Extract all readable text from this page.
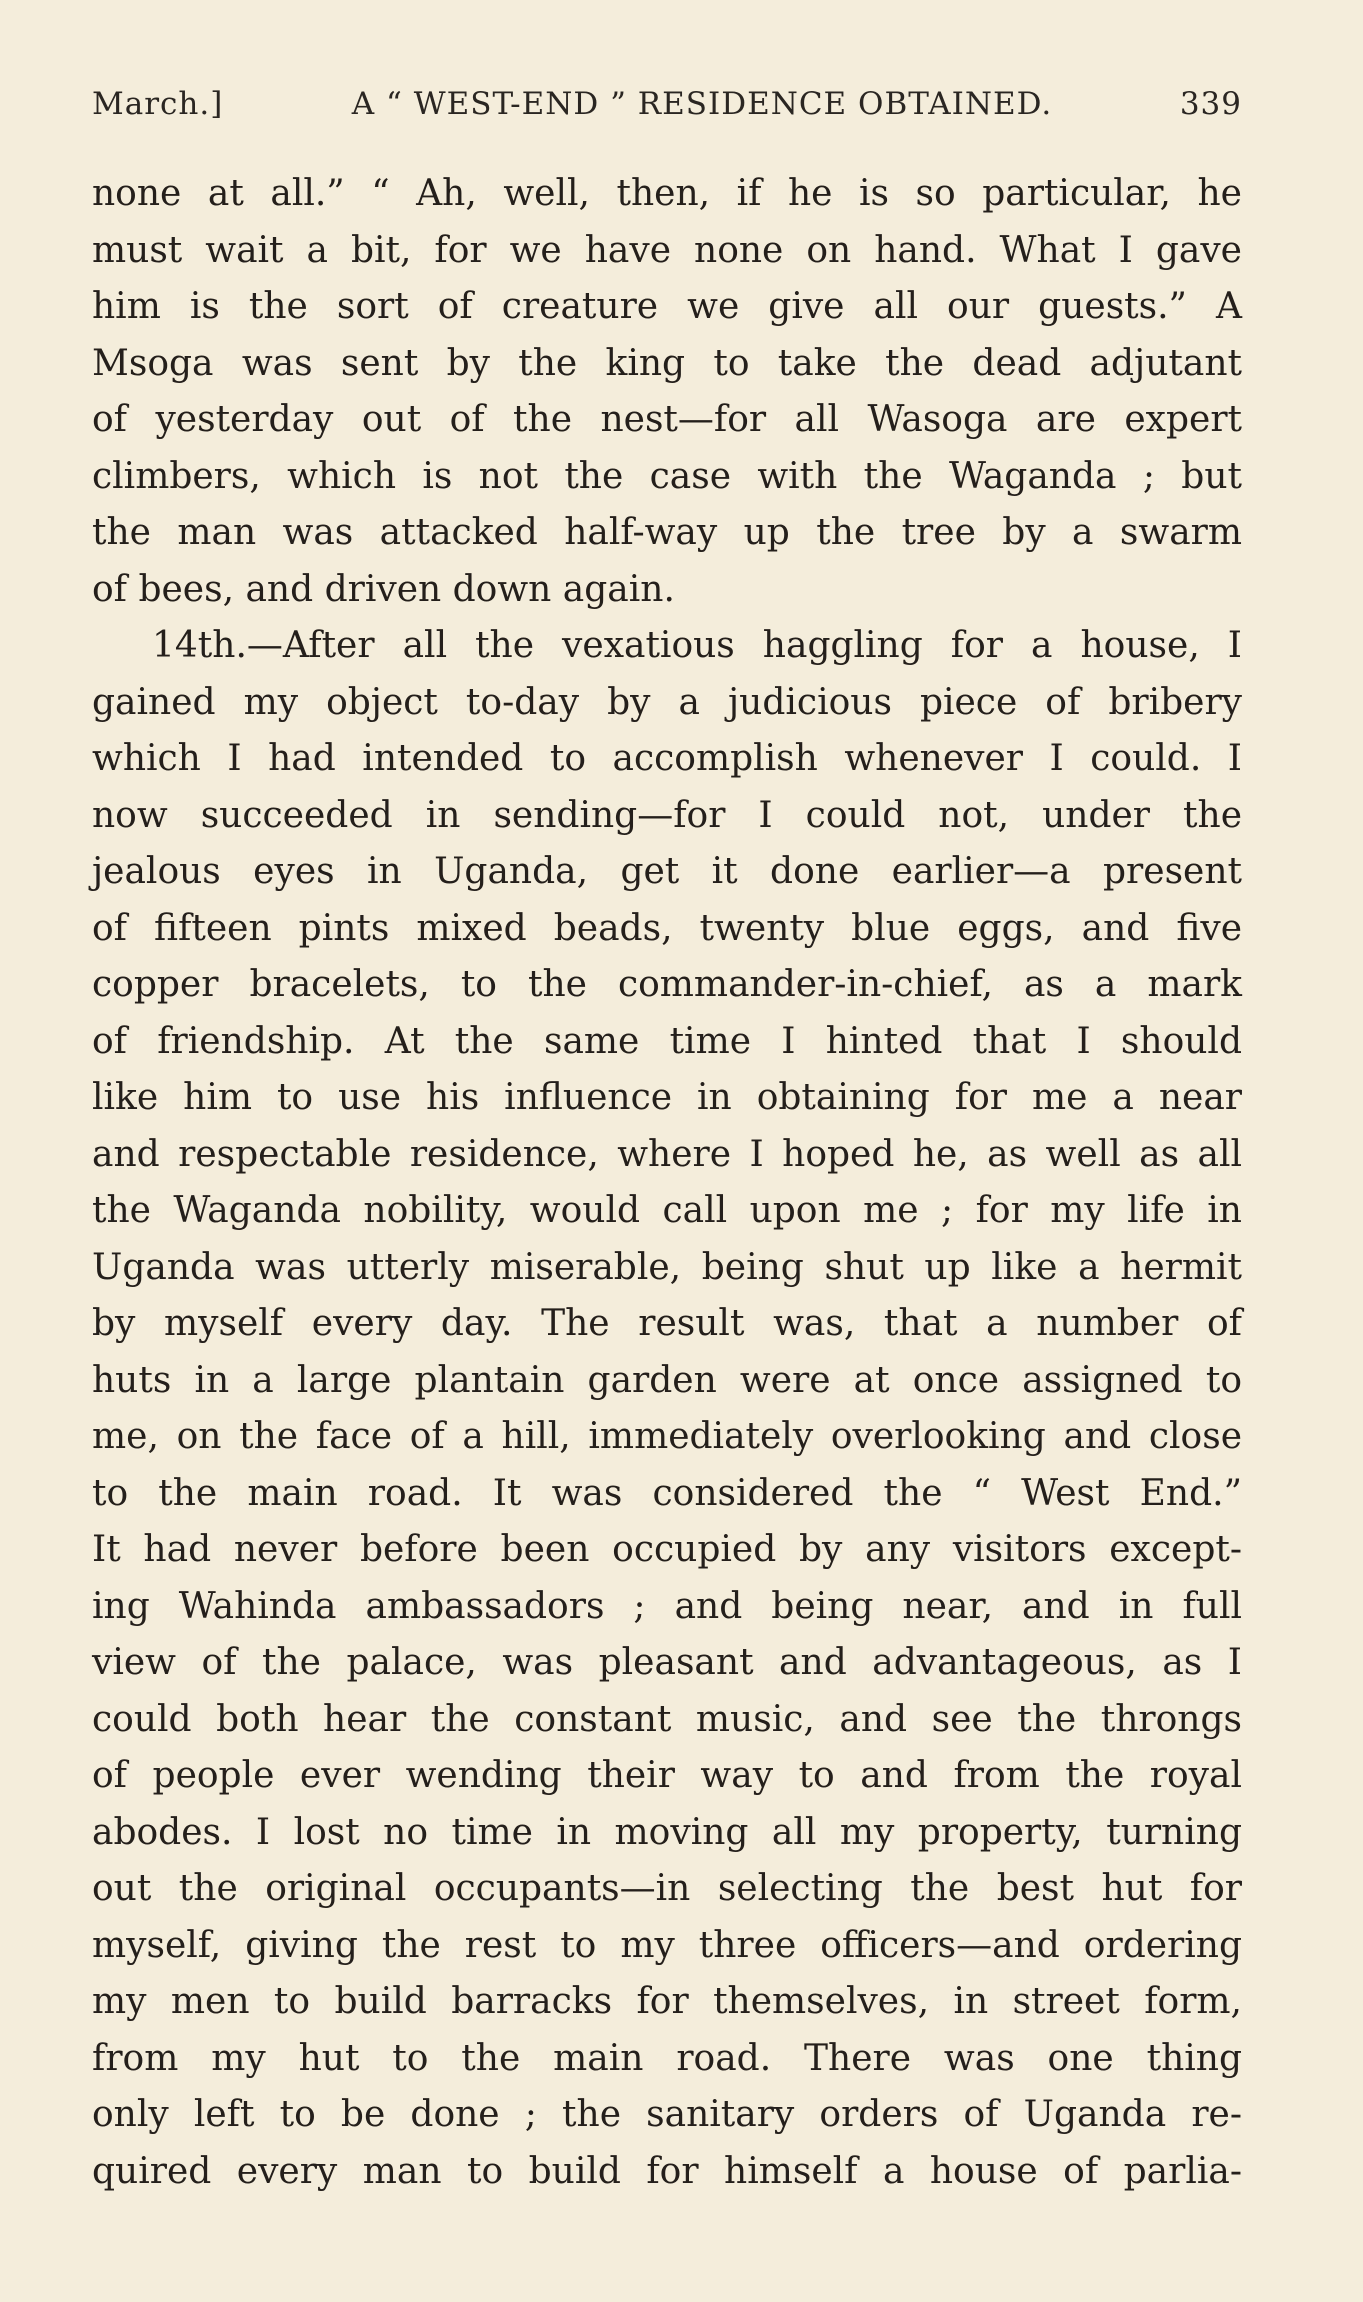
March.]	A “ WEST-END ” RESIDENCE OBTAINED.	339
none at all.” “ Ah, well, then, if he is so particular, he
must wait a bit, for we have none on hand. What I gave
him is the sort of creature we give all our guests.” A
Msoga was sent by the king to take the dead adjutant
of yesterday out of the nest—for all Wasoga are expert
climbers, which is not the case with the Waganda ; but
the man was attacked half-way up the tree by a swarm
of bees, and driven down again.
14th.—After all the vexatious haggling for a house, I
gained my object to-day by a judicious piece of bribery
which I had intended to accomplish whenever I could. I
now succeeded in sending—for I could not, under the
jealous eyes in Uganda, get it done earlier—a present
of fifteen pints mixed beads, twenty blue eggs, and five
copper bracelets, to the commander-in-chief, as a mark
of friendship. At the same time I hinted that I should
like him to use his influence in obtaining for me a near
and respectable residence, where I hoped he, as well as all
the Waganda nobility, would call upon me ; for my life in
Uganda was utterly miserable, being shut up like a hermit
by myself every day. The result was, that a number of
huts in a large plantain garden were at once assigned to
me, on the face of a hill, immediately overlooking and close
to the main road. It was considered the “ West End.”
It had never before been occupied by any visitors except-
ing Wahinda ambassadors ; and being near, and in full
view of the palace, was pleasant and advantageous, as I
could both hear the constant music, and see the throngs
of people ever wending their way to and from the royal
abodes. I lost no time in moving all my property, turning
out the original occupants—in selecting the best hut for
myself, giving the rest to my three officers—and ordering
my men to build barracks for themselves, in street form,
from my hut to the main road. There was one thing
only left to be done ; the sanitary orders of Uganda re-
quired every man to build for himself a house of parlia-
